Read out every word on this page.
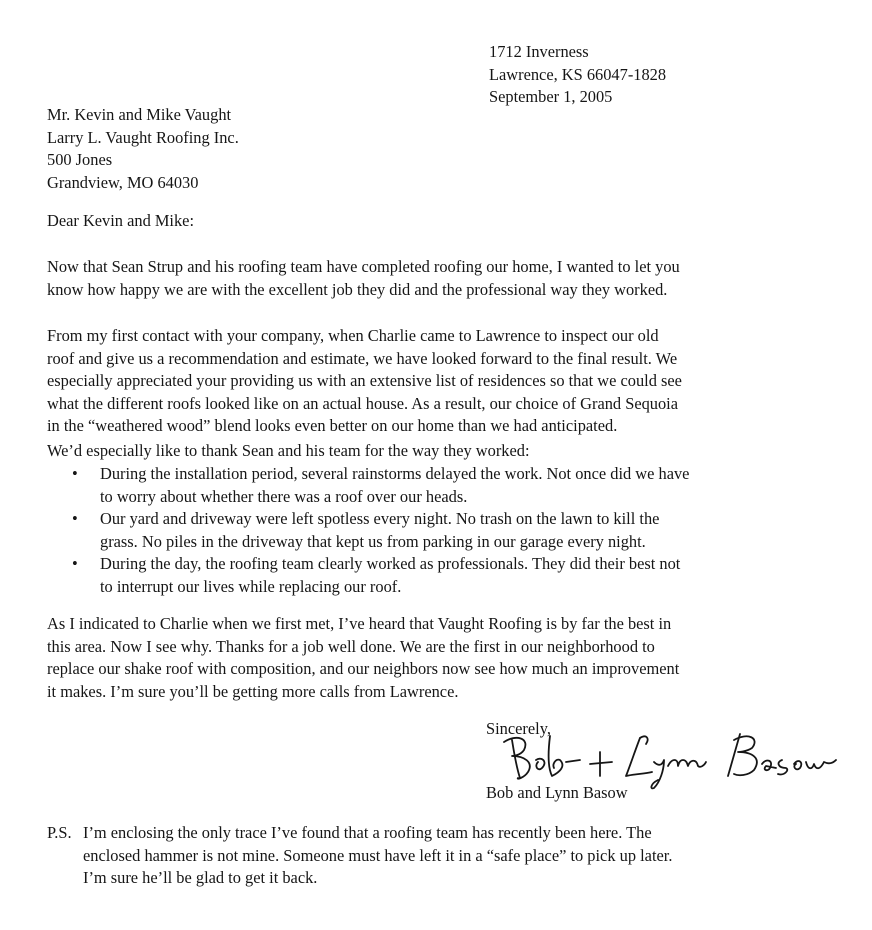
1712 Inverness
Lawrence, KS 66047-1828
September 1, 2005
Mr. Kevin and Mike Vaught
Larry L. Vaught Roofing Inc.
500 Jones
Grandview, MO 64030
Dear Kevin and Mike:
Now that Sean Strup and his roofing team have completed roofing our home, I wanted to let you
know how happy we are with the excellent job they did and the professional way they worked.
From my first contact with your company, when Charlie came to Lawrence to inspect our old
roof and give us a recommendation and estimate, we have looked forward to the final result. We
especially appreciated your providing us with an extensive list of residences so that we could see
what the different roofs looked like on an actual house. As a result, our choice of Grand Sequoia
in the “weathered wood” blend looks even better on our home than we had anticipated.
We’d especially like to thank Sean and his team for the way they worked:
• During the installation period, several rainstorms delayed the work. Not once did we have
to worry about whether there was a roof over our heads.
• Our yard and driveway were left spotless every night. No trash on the lawn to kill the
grass. No piles in the driveway that kept us from parking in our garage every night.
• During the day, the roofing team clearly worked as professionals. They did their best not
to interrupt our lives while replacing our roof.
As I indicated to Charlie when we first met, I’ve heard that Vaught Roofing is by far the best in
this area. Now I see why. Thanks for a job well done. We are the first in our neighborhood to
replace our shake roof with composition, and our neighbors now see how much an improvement
it makes. I’m sure you’ll be getting more calls from Lawrence.
Sincerely,
Bob and Lynn Basow
P.S. I’m enclosing the only trace I’ve found that a roofing team has recently been here. The
enclosed hammer is not mine. Someone must have left it in a “safe place” to pick up later.
I’m sure he’ll be glad to get it back.
